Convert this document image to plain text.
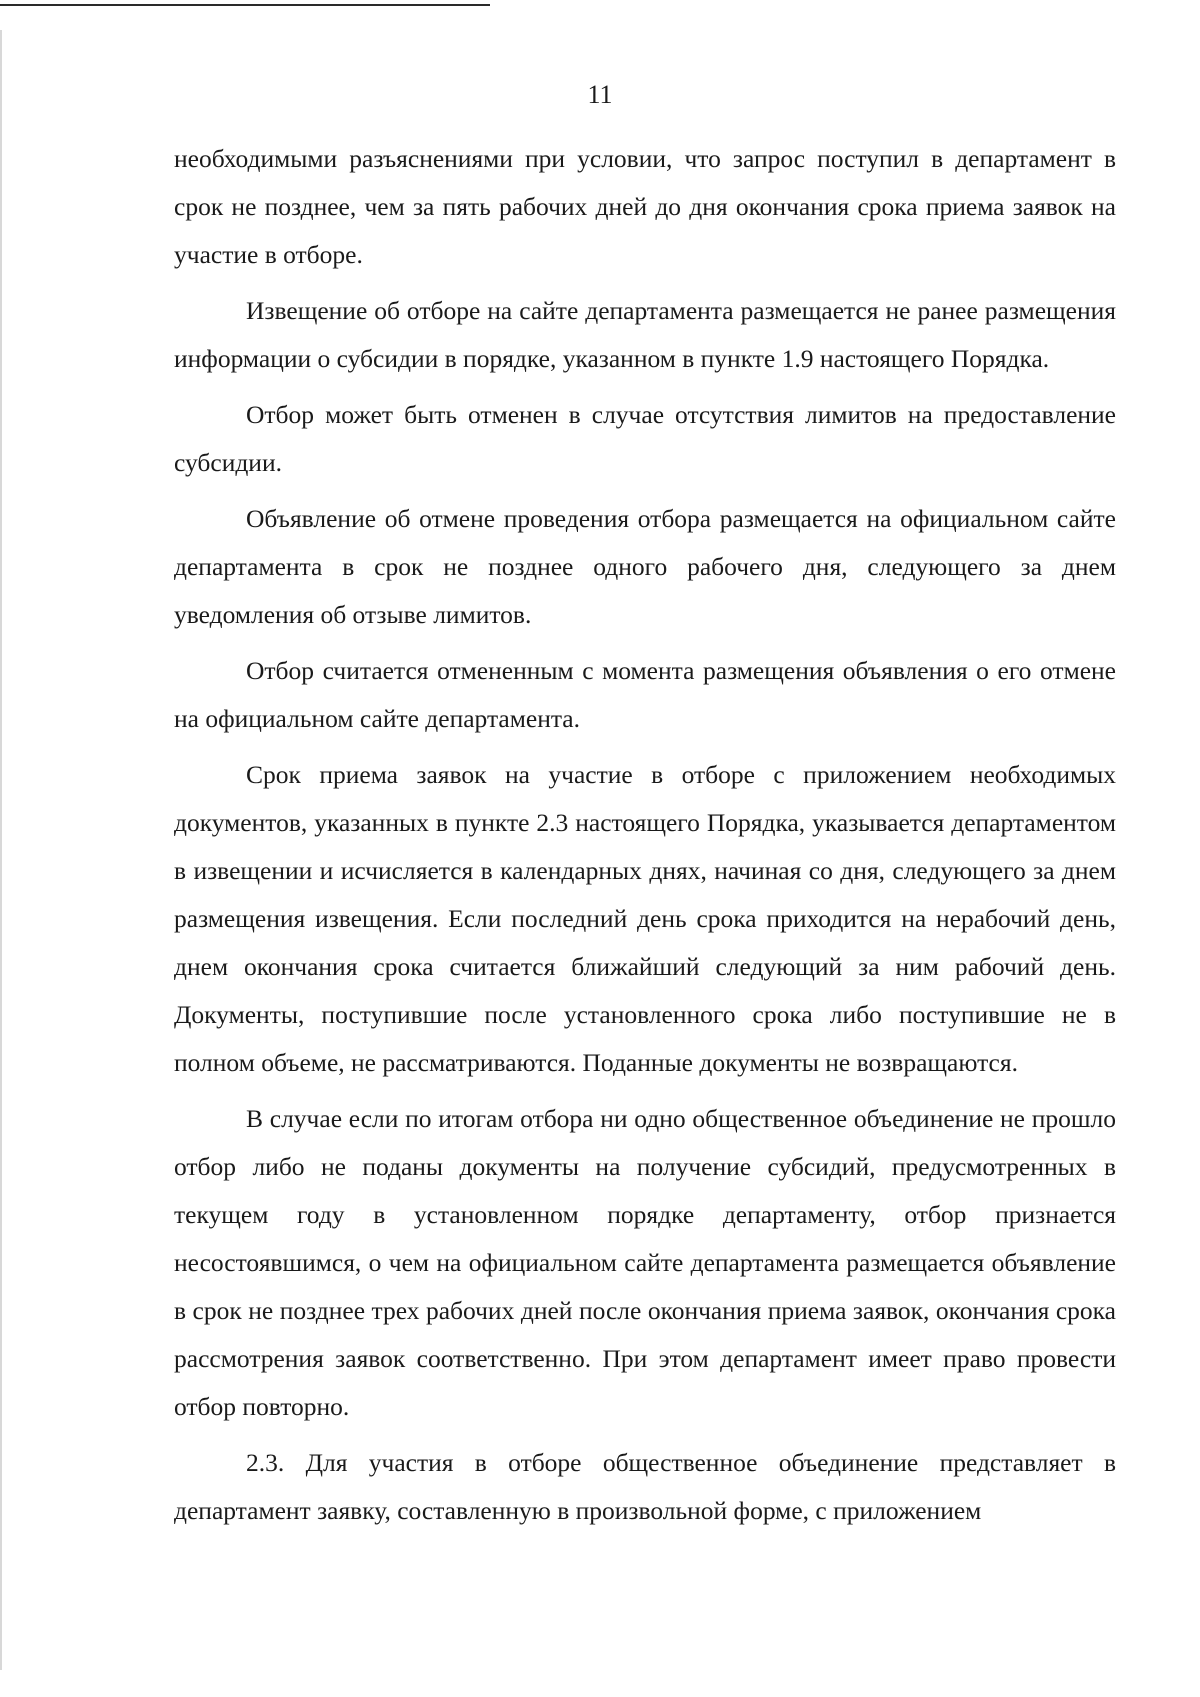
11

необходимыми разъяснениями при условии, что запрос поступил в департамент в срок не позднее, чем за пять рабочих дней до дня окончания срока приема заявок на участие в отборе.

Извещение об отборе на сайте департамента размещается не ранее размещения информации о субсидии в порядке, указанном в пункте 1.9 настоящего Порядка.

Отбор может быть отменен в случае отсутствия лимитов на предоставление субсидии.

Объявление об отмене проведения отбора размещается на официальном сайте департамента в срок не позднее одного рабочего дня, следующего за днем уведомления об отзыве лимитов.

Отбор считается отмененным с момента размещения объявления о его отмене на официальном сайте департамента.

Срок приема заявок на участие в отборе с приложением необходимых документов, указанных в пункте 2.3 настоящего Порядка, указывается департаментом в извещении и исчисляется в календарных днях, начиная со дня, следующего за днем размещения извещения. Если последний день срока приходится на нерабочий день, днем окончания срока считается ближайший следующий за ним рабочий день. Документы, поступившие после установленного срока либо поступившие не в полном объеме, не рассматриваются. Поданные документы не возвращаются.

В случае если по итогам отбора ни одно общественное объединение не прошло отбор либо не поданы документы на получение субсидий, предусмотренных в текущем году в установленном порядке департаменту, отбор признается несостоявшимся, о чем на официальном сайте департамента размещается объявление в срок не позднее трех рабочих дней после окончания приема заявок, окончания срока рассмотрения заявок соответственно. При этом департамент имеет право провести отбор повторно.

2.3. Для участия в отборе общественное объединение представляет в департамент заявку, составленную в произвольной форме, с приложением
